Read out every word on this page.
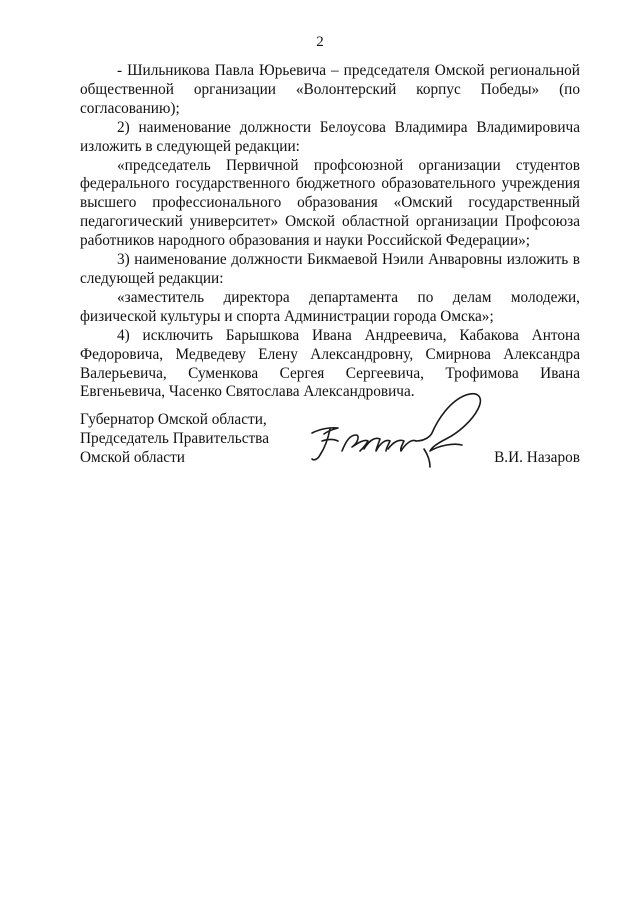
2

- Шильникова Павла Юрьевича – председателя Омской региональной общественной организации «Волонтерский корпус Победы» (по согласованию);

2) наименование должности Белоусова Владимира Владимировича изложить в следующей редакции:

«председатель Первичной профсоюзной организации студентов федерального государственного бюджетного образовательного учреждения высшего профессионального образования «Омский государственный педагогический университет» Омской областной организации Профсоюза работников народного образования и науки Российской Федерации»;

3) наименование должности Бикмаевой Нэили Анваровны изложить в следующей редакции:

«заместитель директора департамента по делам молодежи, физической культуры и спорта Администрации города Омска»;

4) исключить Барышкова Ивана Андреевича, Кабакова Антона Федоровича, Медведеву Елену Александровну, Смирнова Александра Валерьевича, Суменкова Сергея Сергеевича, Трофимова Ивана Евгеньевича, Часенко Святослава Александровича.

Губернатор Омской области,
Председатель Правительства
Омской области	В.И. Назаров
